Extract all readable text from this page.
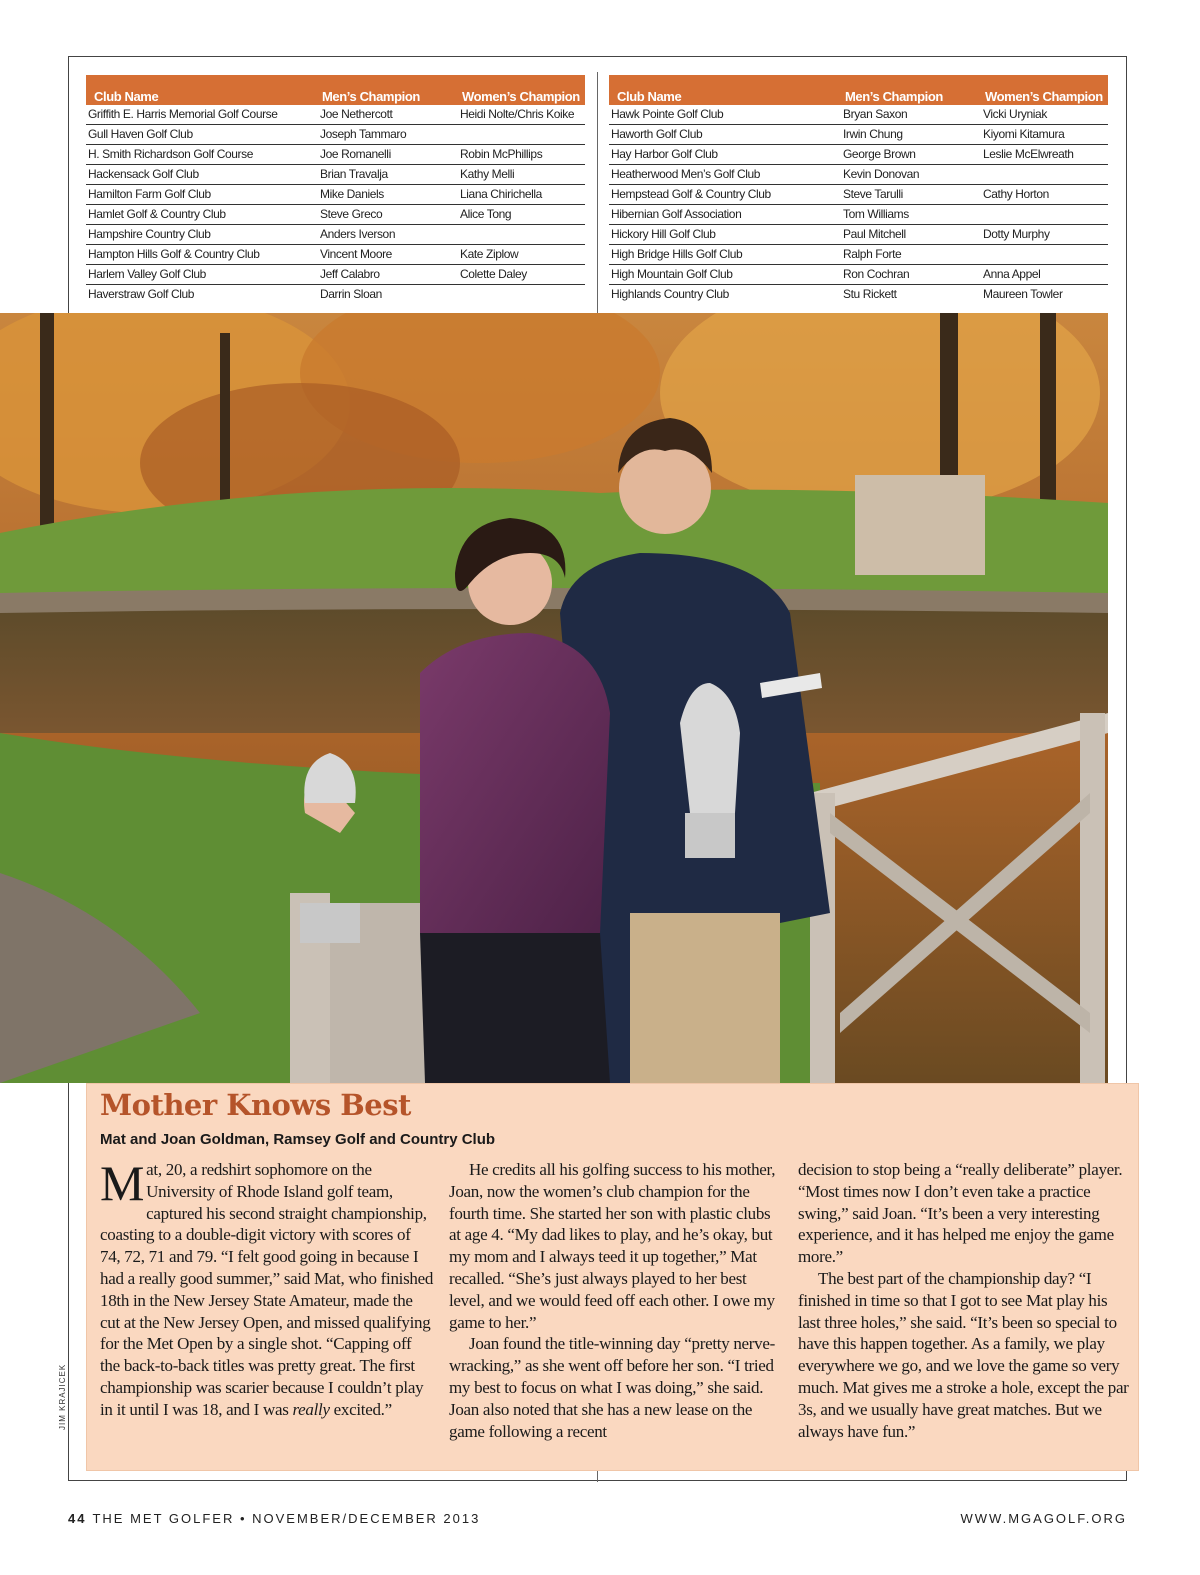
Club Name	Men’s Champion	Women’s Champion
Griffith E. Harris Memorial Golf Course	Joe Nethercott	Heidi Nolte/Chris Koike
Gull Haven Golf Club	Joseph Tammaro	
H. Smith Richardson Golf Course	Joe Romanelli	Robin McPhillips
Hackensack Golf Club	Brian Travalja	Kathy Melli
Hamilton Farm Golf Club	Mike Daniels	Liana Chirichella
Hamlet Golf & Country Club	Steve Greco	Alice Tong
Hampshire Country Club	Anders Iverson	
Hampton Hills Golf & Country Club	Vincent Moore	Kate Ziplow
Harlem Valley Golf Club	Jeff Calabro	Colette Daley
Haverstraw Golf Club	Darrin Sloan	
Club Name	Men’s Champion	Women’s Champion
Hawk Pointe Golf Club	Bryan Saxon	Vicki Uryniak
Haworth Golf Club	Irwin Chung	Kiyomi Kitamura
Hay Harbor Golf Club	George Brown	Leslie McElwreath
Heatherwood Men’s Golf Club	Kevin Donovan	
Hempstead Golf & Country Club	Steve Tarulli	Cathy Horton
Hibernian Golf Association	Tom Williams	
Hickory Hill Golf Club	Paul Mitchell	Dotty Murphy
High Bridge Hills Golf Club	Ralph Forte	
High Mountain Golf Club	Ron Cochran	Anna Appel
Highlands Country Club	Stu Rickett	Maureen Towler
Mother Knows Best
Mat and Joan Goldman, Ramsey Golf and Country Club

Mat, 20, a redshirt sophomore on the University of Rhode Island golf team, captured his second straight championship, coasting to a double-digit victory with scores of 74, 72, 71 and 79. “I felt good going in because I had a really good summer,” said Mat, who finished 18th in the New Jersey State Amateur, made the cut at the New Jersey Open, and missed qualifying for the Met Open by a single shot. “Capping off the back-to-back titles was pretty great. The first championship was scarier because I couldn’t play in it until I was 18, and I was really excited.”

He credits all his golfing success to his mother, Joan, now the women’s club champion for the fourth time. She started her son with plastic clubs at age 4. “My dad likes to play, and he’s okay, but my mom and I always teed it up together,” Mat recalled. “She’s just always played to her best level, and we would feed off each other. I owe my game to her.”

Joan found the title-winning day “pretty nerve-wracking,” as she went off before her son. “I tried my best to focus on what I was doing,” she said. Joan also noted that she has a new lease on the game following a recent

decision to stop being a “really deliberate” player. “Most times now I don’t even take a practice swing,” said Joan. “It’s been a very interesting experience, and it has helped me enjoy the game more.”

The best part of the championship day? “I finished in time so that I got to see Mat play his last three holes,” she said. “It’s been so special to have this happen together. As a family, we play everywhere we go, and we love the game so very much. Mat gives me a stroke a hole, except the par 3s, and we usually have great matches. But we always have fun.”

JIM KRAJICEK
44 THE MET GOLFER • NOVEMBER/DECEMBER 2013	WWW.MGAGOLF.ORG
